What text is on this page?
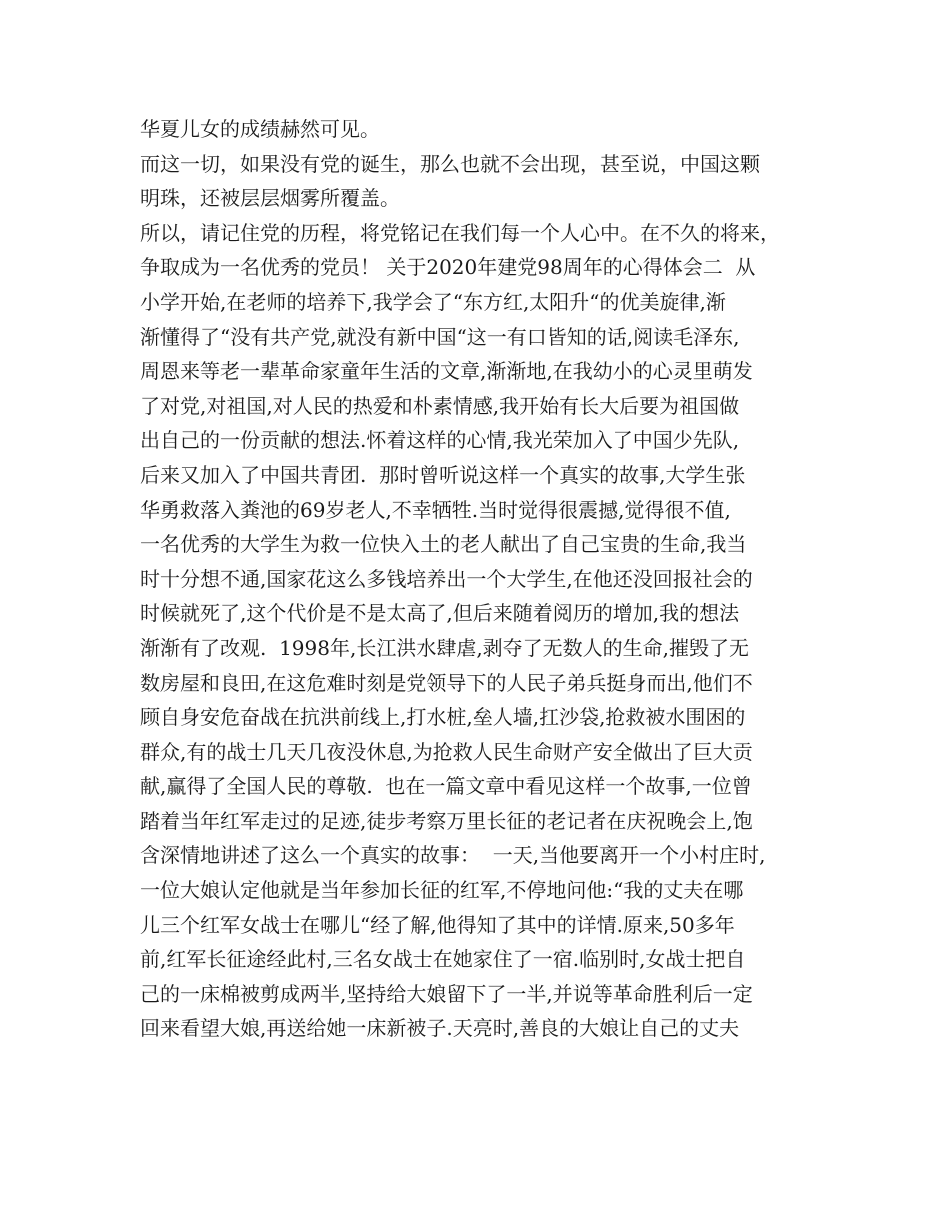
华夏儿女的成绩赫然可见。
而这一切，如果没有党的诞生，那么也就不会出现，甚至说，中国这颗
明珠，还被层层烟雾所覆盖。
所以，请记住党的历程，将党铭记在我们每一个人心中。在不久的将来，
争取成为一名优秀的党员！ 关于2020年建党98周年的心得体会二  从
小学开始,在老师的培养下,我学会了“东方红,太阳升“的优美旋律,渐
渐懂得了“没有共产党,就没有新中国“这一有口皆知的话,阅读毛泽东,
周恩来等老一辈革命家童年生活的文章,渐渐地,在我幼小的心灵里萌发
了对党,对祖国,对人民的热爱和朴素情感,我开始有长大后要为祖国做
出自己的一份贡献的想法.怀着这样的心情,我光荣加入了中国少先队,
后来又加入了中国共青团.  那时曾听说这样一个真实的故事,大学生张
华勇救落入粪池的69岁老人,不幸牺牲.当时觉得很震撼,觉得很不值,
一名优秀的大学生为救一位快入土的老人献出了自己宝贵的生命,我当
时十分想不通,国家花这么多钱培养出一个大学生,在他还没回报社会的
时候就死了,这个代价是不是太高了,但后来随着阅历的增加,我的想法
渐渐有了改观.  1998年,长江洪水肆虐,剥夺了无数人的生命,摧毁了无
数房屋和良田,在这危难时刻是党领导下的人民子弟兵挺身而出,他们不
顾自身安危奋战在抗洪前线上,打水桩,垒人墙,扛沙袋,抢救被水围困的
群众,有的战士几天几夜没休息,为抢救人民生命财产安全做出了巨大贡
献,赢得了全国人民的尊敬.  也在一篇文章中看见这样一个故事,一位曾
踏着当年红军走过的足迹,徒步考察万里长征的老记者在庆祝晚会上,饱
含深情地讲述了这么一个真实的故事：  一天,当他要离开一个小村庄时,
一位大娘认定他就是当年参加长征的红军,不停地问他:“我的丈夫在哪
儿三个红军女战士在哪儿“经了解,他得知了其中的详情.原来,50多年
前,红军长征途经此村,三名女战士在她家住了一宿.临别时,女战士把自
己的一床棉被剪成两半,坚持给大娘留下了一半,并说等革命胜利后一定
回来看望大娘,再送给她一床新被子.天亮时,善良的大娘让自己的丈夫
